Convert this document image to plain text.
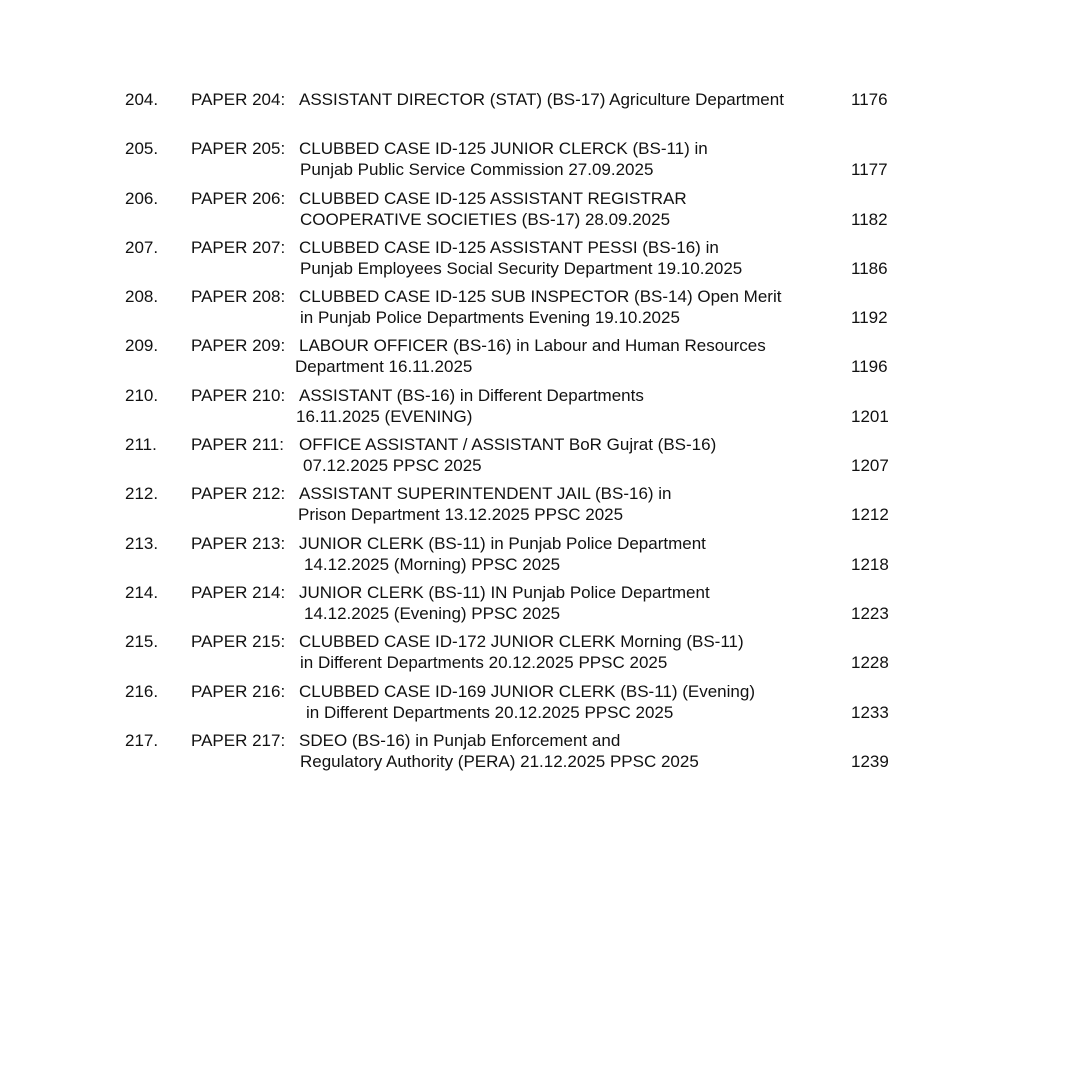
204.	PAPER 204: ASSISTANT DIRECTOR (STAT) (BS-17) Agriculture Department	1176
205.	PAPER 205: CLUBBED CASE ID-125 JUNIOR CLERCK (BS-11) in
Punjab Public Service Commission 27.09.2025	1177
206.	PAPER 206: CLUBBED CASE ID-125 ASSISTANT REGISTRAR
COOPERATIVE SOCIETIES (BS-17) 28.09.2025	1182
207.	PAPER 207: CLUBBED CASE ID-125 ASSISTANT PESSI (BS-16) in
Punjab Employees Social Security Department 19.10.2025	1186
208.	PAPER 208: CLUBBED CASE ID-125 SUB INSPECTOR (BS-14) Open Merit
in Punjab Police Departments Evening 19.10.2025	1192
209.	PAPER 209: LABOUR OFFICER (BS-16) in Labour and Human Resources
Department 16.11.2025	1196
210.	PAPER 210: ASSISTANT (BS-16) in Different Departments
16.11.2025 (EVENING)	1201
211.	PAPER 211: OFFICE ASSISTANT / ASSISTANT BoR Gujrat (BS-16)
07.12.2025 PPSC 2025	1207
212.	PAPER 212: ASSISTANT SUPERINTENDENT JAIL (BS-16) in
Prison Department 13.12.2025 PPSC 2025	1212
213.	PAPER 213: JUNIOR CLERK (BS-11) in Punjab Police Department
14.12.2025 (Morning) PPSC 2025	1218
214.	PAPER 214: JUNIOR CLERK (BS-11) IN Punjab Police Department
14.12.2025 (Evening) PPSC 2025	1223
215.	PAPER 215: CLUBBED CASE ID-172 JUNIOR CLERK Morning (BS-11)
in Different Departments 20.12.2025 PPSC 2025	1228
216.	PAPER 216: CLUBBED CASE ID-169 JUNIOR CLERK (BS-11) (Evening)
in Different Departments 20.12.2025 PPSC 2025	1233
217.	PAPER 217: SDEO (BS-16) in Punjab Enforcement and
Regulatory Authority (PERA) 21.12.2025 PPSC 2025	1239
